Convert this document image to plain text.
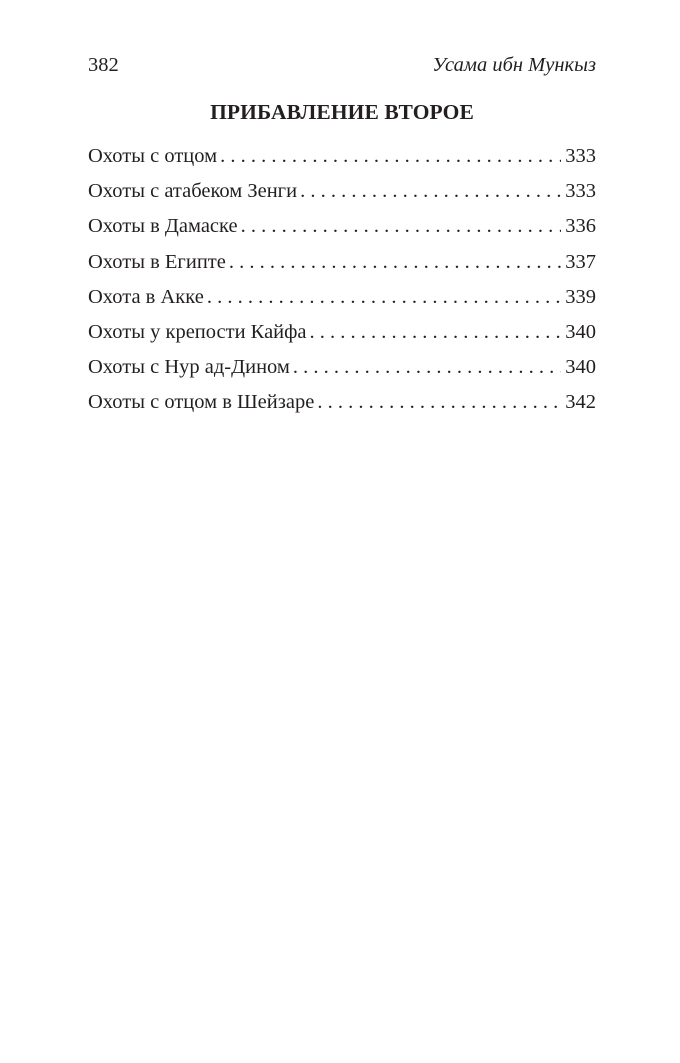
382	Усама ибн Мункыз
ПРИБАВЛЕНИЕ ВТОРОЕ
Охоты с отцом . . .	333
Охоты с атабеком Зенги . . .	333
Охоты в Дамаске . . .	336
Охоты в Египте . . .	337
Охота в Акке . . .	339
Охоты у крепости Кайфа . . .	340
Охоты с Нур ад-Дином . . .	340
Охоты с отцом в Шейзаре . . .	342
